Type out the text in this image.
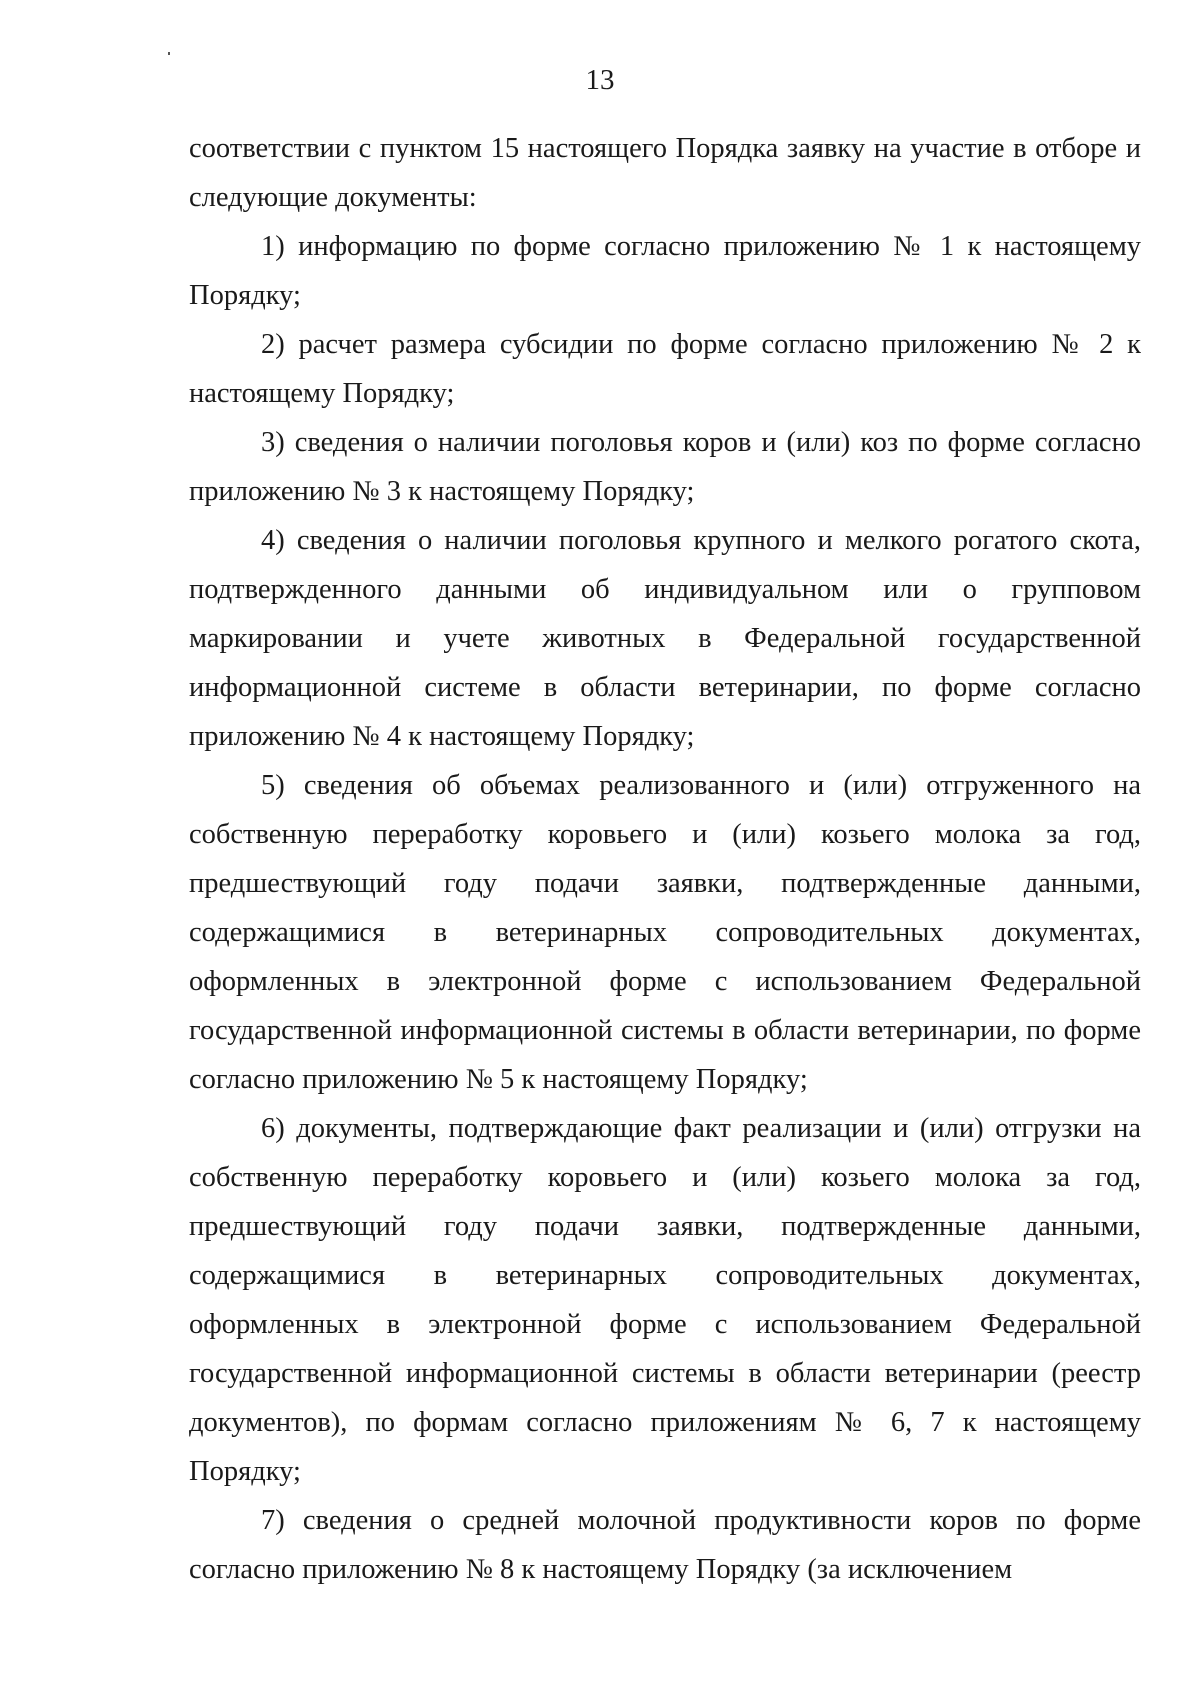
13

соответствии с пунктом 15 настоящего Порядка заявку на участие в отборе и следующие документы:

1) информацию по форме согласно приложению № 1 к настоящему Порядку;

2) расчет размера субсидии по форме согласно приложению № 2 к настоящему Порядку;

3) сведения о наличии поголовья коров и (или) коз по форме согласно приложению № 3 к настоящему Порядку;

4) сведения о наличии поголовья крупного и мелкого рогатого скота, подтвержденного данными об индивидуальном или о групповом маркировании и учете животных в Федеральной государственной информационной системе в области ветеринарии, по форме согласно приложению № 4 к настоящему Порядку;

5) сведения об объемах реализованного и (или) отгруженного на собственную переработку коровьего и (или) козьего молока за год, предшествующий году подачи заявки, подтвержденные данными, содержащимися в ветеринарных сопроводительных документах, оформленных в электронной форме с использованием Федеральной государственной информационной системы в области ветеринарии, по форме согласно приложению № 5 к настоящему Порядку;

6) документы, подтверждающие факт реализации и (или) отгрузки на собственную переработку коровьего и (или) козьего молока за год, предшествующий году подачи заявки, подтвержденные данными, содержащимися в ветеринарных сопроводительных документах, оформленных в электронной форме с использованием Федеральной государственной информационной системы в области ветеринарии (реестр документов), по формам согласно приложениям № 6, 7 к настоящему Порядку;

7) сведения о средней молочной продуктивности коров по форме согласно приложению № 8 к настоящему Порядку (за исключением
